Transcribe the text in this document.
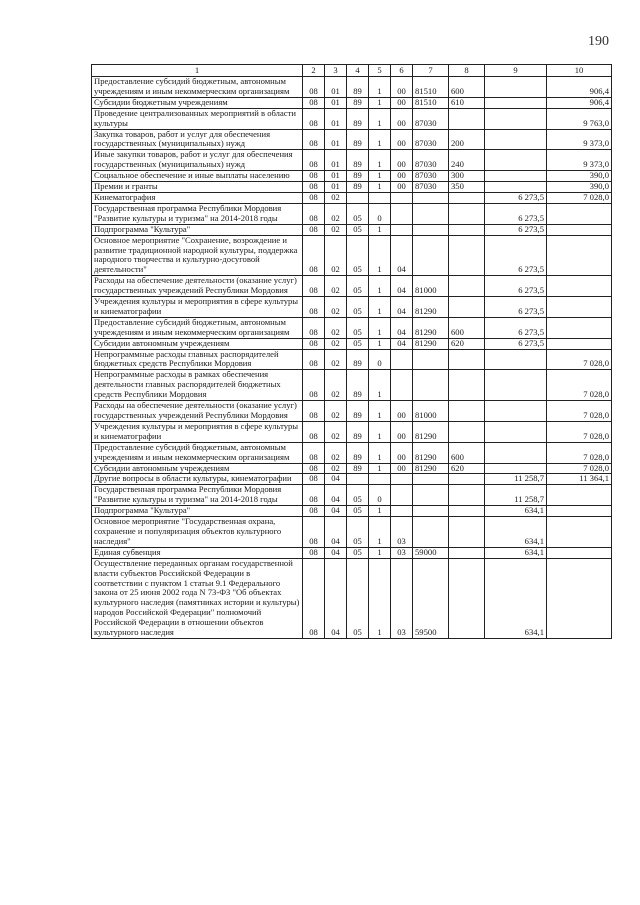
190
1	2	3	4	5	6	7	8	9	10
Предоставление субсидий бюджетным, автономным учреждениям и иным некоммерческим организациям	08	01	89	1	00	81510	600		906,4
Субсидии бюджетным учреждениям	08	01	89	1	00	81510	610		906,4
Проведение централизованных мероприятий в области культуры	08	01	89	1	00	87030			9 763,0
Закупка товаров, работ и услуг для обеспечения государственных (муниципальных) нужд	08	01	89	1	00	87030	200		9 373,0
Иные закупки товаров, работ и услуг для обеспечения государственных (муниципальных) нужд	08	01	89	1	00	87030	240		9 373,0
Социальное обеспечение и иные выплаты населению	08	01	89	1	00	87030	300		390,0
Премии и гранты	08	01	89	1	00	87030	350		390,0
Кинематография	08	02						6 273,5	7 028,0
Государственная программа Республики Мордовия "Развитие культуры и туризма" на 2014-2018 годы	08	02	05	0				6 273,5	
Подпрограмма "Культура"	08	02	05	1				6 273,5	
Основное мероприятие "Сохранение, возрождение и развитие традиционной народной культуры, поддержка народного творчества и культурно-досуговой деятельности"	08	02	05	1	04			6 273,5	
Расходы на обеспечение деятельности (оказание услуг) государственных учреждений Республики Мордовия	08	02	05	1	04	81000		6 273,5	
Учреждения культуры и мероприятия в сфере культуры и кинематографии	08	02	05	1	04	81290		6 273,5	
Предоставление субсидий бюджетным, автономным учреждениям и иным некоммерческим организациям	08	02	05	1	04	81290	600	6 273,5	
Субсидии автономным учреждениям	08	02	05	1	04	81290	620	6 273,5	
Непрограммные расходы главных распорядителей бюджетных средств Республики Мордовия	08	02	89	0					7 028,0
Непрограммные расходы в рамках обеспечения деятельности главных распорядителей бюджетных средств Республики Мордовия	08	02	89	1					7 028,0
Расходы на обеспечение деятельности (оказание услуг) государственных учреждений Республики Мордовия	08	02	89	1	00	81000			7 028,0
Учреждения культуры и мероприятия в сфере культуры и кинематографии	08	02	89	1	00	81290			7 028,0
Предоставление субсидий бюджетным, автономным учреждениям и иным некоммерческим организациям	08	02	89	1	00	81290	600		7 028,0
Субсидии автономным учреждениям	08	02	89	1	00	81290	620		7 028,0
Другие вопросы в области культуры, кинематографии	08	04						11 258,7	11 364,1
Государственная программа Республики Мордовия "Развитие культуры и туризма" на 2014-2018 годы	08	04	05	0				11 258,7	
Подпрограмма "Культура"	08	04	05	1				634,1	
Основное мероприятие "Государственная охрана, сохранение и популяризация объектов культурного наследия"	08	04	05	1	03			634,1	
Единая субвенция	08	04	05	1	03	59000		634,1	
Осуществление переданных органам государственной власти субъектов Российской Федерации в соответствии с пунктом 1 статьи 9.1 Федерального закона от 25 июня 2002 года N 73-ФЗ "Об объектах культурного наследия (памятниках истории и культуры) народов Российской Федерации" полномочий Российской Федерации в отношении объектов культурного наследия	08	04	05	1	03	59500		634,1	
